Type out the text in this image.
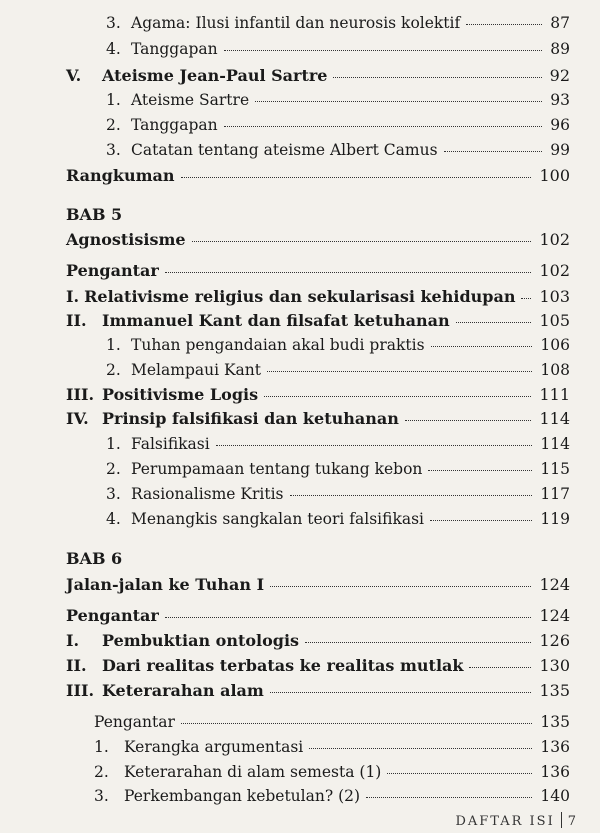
3. Agama: Ilusi infantil dan neurosis kolektif	87
4. Tanggapan	89
V.	Ateisme Jean-Paul Sartre	92
1. Ateisme Sartre	93
2. Tanggapan	96
3. Catatan tentang ateisme Albert Camus	99
Rangkuman	100
BAB 5
Agnostisisme	102
Pengantar	102
I. Relativisme religius dan sekularisasi kehidupan 103
II. Immanuel Kant dan filsafat ketuhanan	105
1. Tuhan pengandaian akal budi praktis	106
2. Melampaui Kant	108
III. Positivisme Logis	111
IV. Prinsip falsifikasi dan ketuhanan	114
1. Falsifikasi	114
2. Perumpamaan tentang tukang kebon	115
3. Rasionalisme Kritis	117
4. Menangkis sangkalan teori falsifikasi	119
BAB 6
Jalan-jalan ke Tuhan I	124
Pengantar	124
I.	Pembuktian ontologis	126
II. Dari realitas terbatas ke realitas mutlak	130
III. Keterarahan alam	135
Pengantar	135
1. Kerangka argumentasi	136
2. Keterarahan di alam semesta (1)	136
3. Perkembangan kebetulan? (2)	140
DAFTAR ISI 7
